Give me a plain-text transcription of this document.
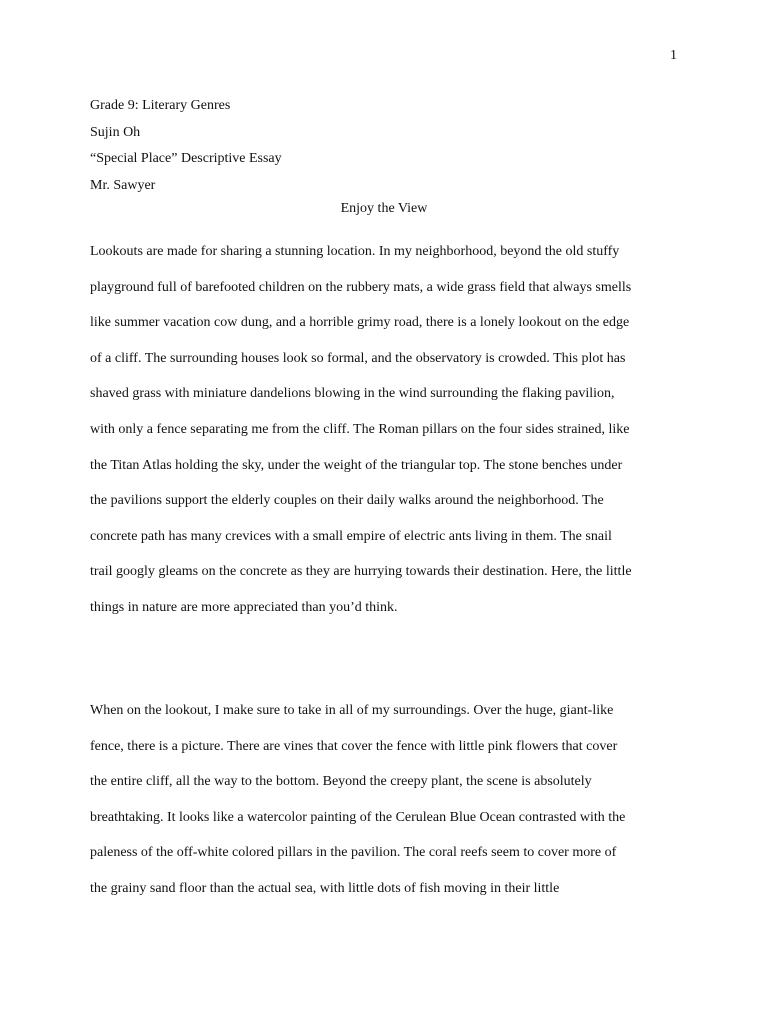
1
Grade 9: Literary Genres
Sujin Oh
“Special Place” Descriptive Essay
Mr. Sawyer
Enjoy the View
Lookouts are made for sharing a stunning location. In my neighborhood, beyond the old stuffy
playground full of barefooted children on the rubbery mats, a wide grass field that always smells
like summer vacation cow dung, and a horrible grimy road, there is a lonely lookout on the edge
of a cliff. The surrounding houses look so formal, and the observatory is crowded. This plot has
shaved grass with miniature dandelions blowing in the wind surrounding the flaking pavilion,
with only a fence separating me from the cliff. The Roman pillars on the four sides strained, like
the Titan Atlas holding the sky, under the weight of the triangular top. The stone benches under
the pavilions support the elderly couples on their daily walks around the neighborhood. The
concrete path has many crevices with a small empire of electric ants living in them. The snail
trail googly gleams on the concrete as they are hurrying towards their destination. Here, the little
things in nature are more appreciated than you’d think.
When on the lookout, I make sure to take in all of my surroundings. Over the huge, giant-like
fence, there is a picture. There are vines that cover the fence with little pink flowers that cover
the entire cliff, all the way to the bottom. Beyond the creepy plant, the scene is absolutely
breathtaking. It looks like a watercolor painting of the Cerulean Blue Ocean contrasted with the
paleness of the off-white colored pillars in the pavilion. The coral reefs seem to cover more of
the grainy sand floor than the actual sea, with little dots of fish moving in their little
